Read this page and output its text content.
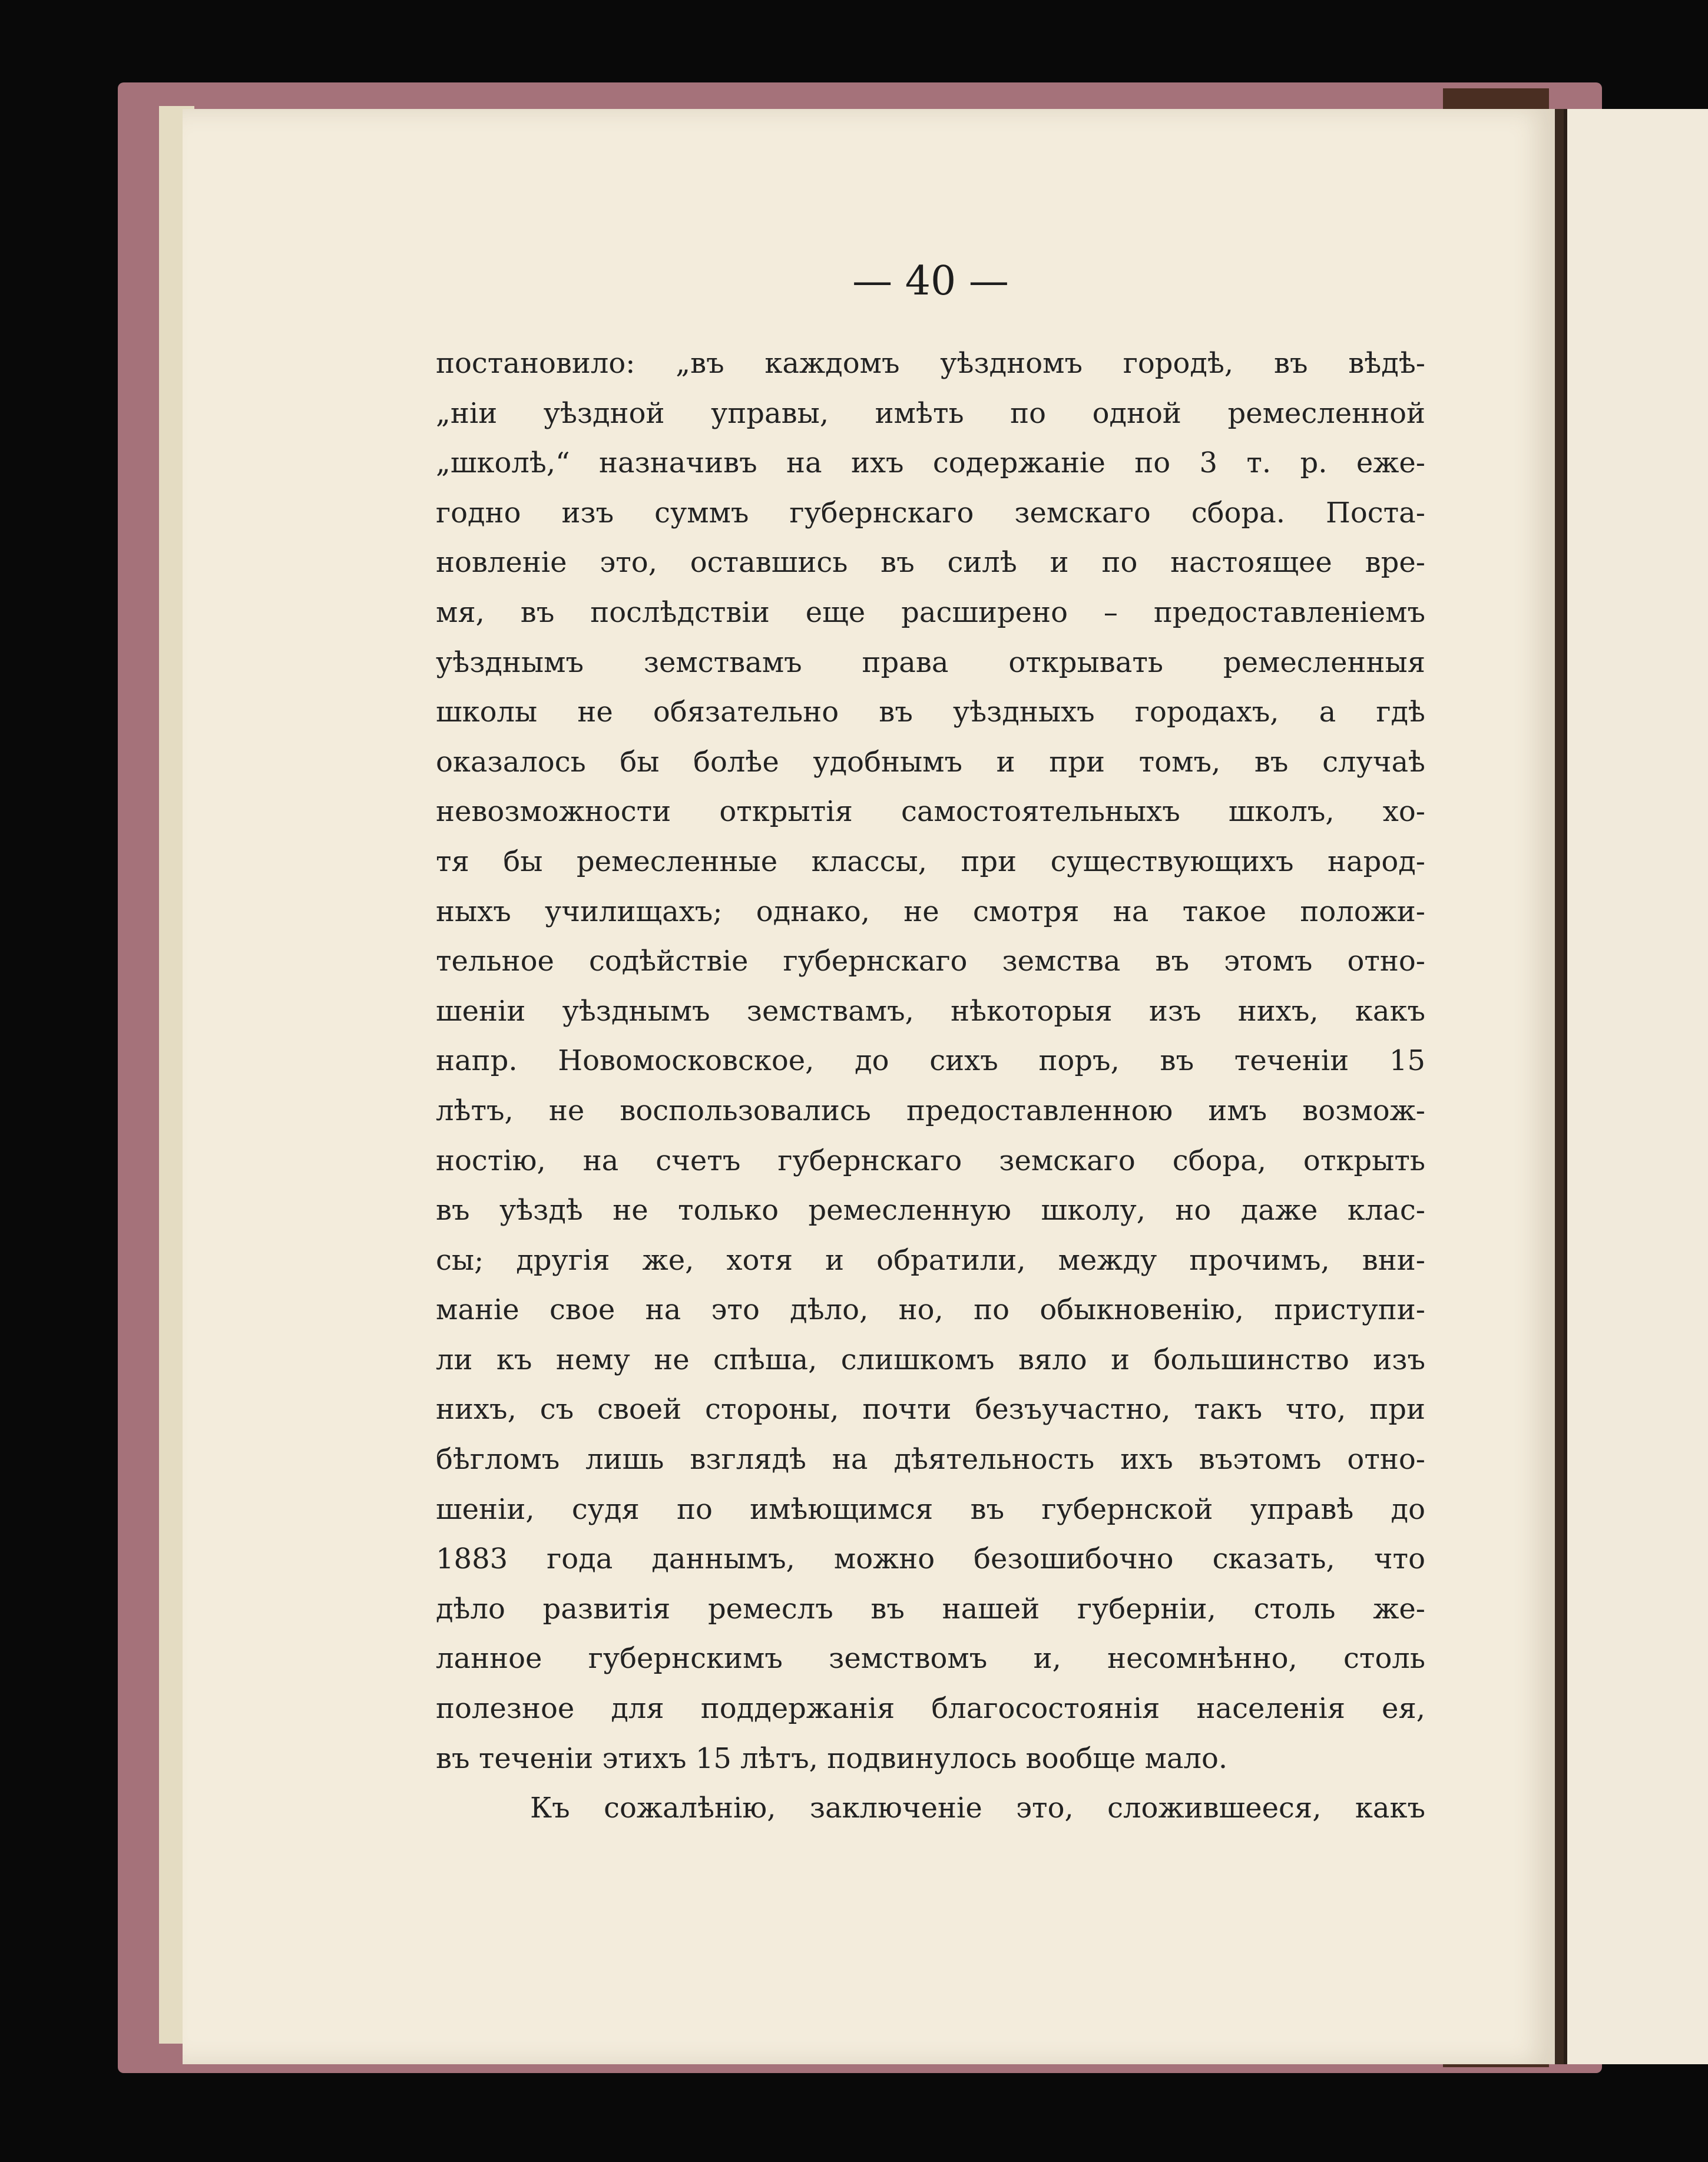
— 40 —

постановило: „въ каждомъ уѣздномъ городѣ, въ вѣдѣ-
„ніи уѣздной управы, имѣть по одной ремесленной
„школѣ,“ назначивъ на ихъ содержаніе по 3 т. р. еже-
годно изъ суммъ губернскаго земскаго сбора. Поста-
новленіе это, оставшись въ силѣ и по настоящее вре-
мя, въ послѣдствіи еще расширено – предоставленіемъ
уѣзднымъ земствамъ права открывать ремесленныя
школы не обязательно въ уѣздныхъ городахъ, а гдѣ
оказалось бы болѣе удобнымъ и при томъ, въ случаѣ
невозможности открытія самостоятельныхъ школъ, хо-
тя бы ремесленные классы, при существующихъ народ-
ныхъ училищахъ; однако, не смотря на такое положи-
тельное содѣйствіе губернскаго земства въ этомъ отно-
шеніи уѣзднымъ земствамъ, нѣкоторыя изъ нихъ, какъ
напр. Новомосковское, до сихъ поръ, въ теченіи 15
лѣтъ, не воспользовались предоставленною имъ возмож-
ностію, на счетъ губернскаго земскаго сбора, открыть
въ уѣздѣ не только ремесленную школу, но даже клас-
сы; другія же, хотя и обратили, между прочимъ, вни-
маніе свое на это дѣло, но, по обыкновенію, приступи-
ли къ нему не спѣша, слишкомъ вяло и большинство изъ
нихъ, съ своей стороны, почти безъучастно, такъ что, при
бѣгломъ лишь взглядѣ на дѣятельность ихъ въэтомъ отно-
шеніи, судя по имѣющимся въ губернской управѣ до
1883 года даннымъ, можно безошибочно сказать, что
дѣло развитія ремеслъ въ нашей губерніи, столь же-
ланное губернскимъ земствомъ и, несомнѣнно, столь
полезное для поддержанія благосостоянія населенія ея,
въ теченіи этихъ 15 лѣтъ, подвинулось вообще мало.
Къ сожалѣнію, заключеніе это, сложившееся, какъ
